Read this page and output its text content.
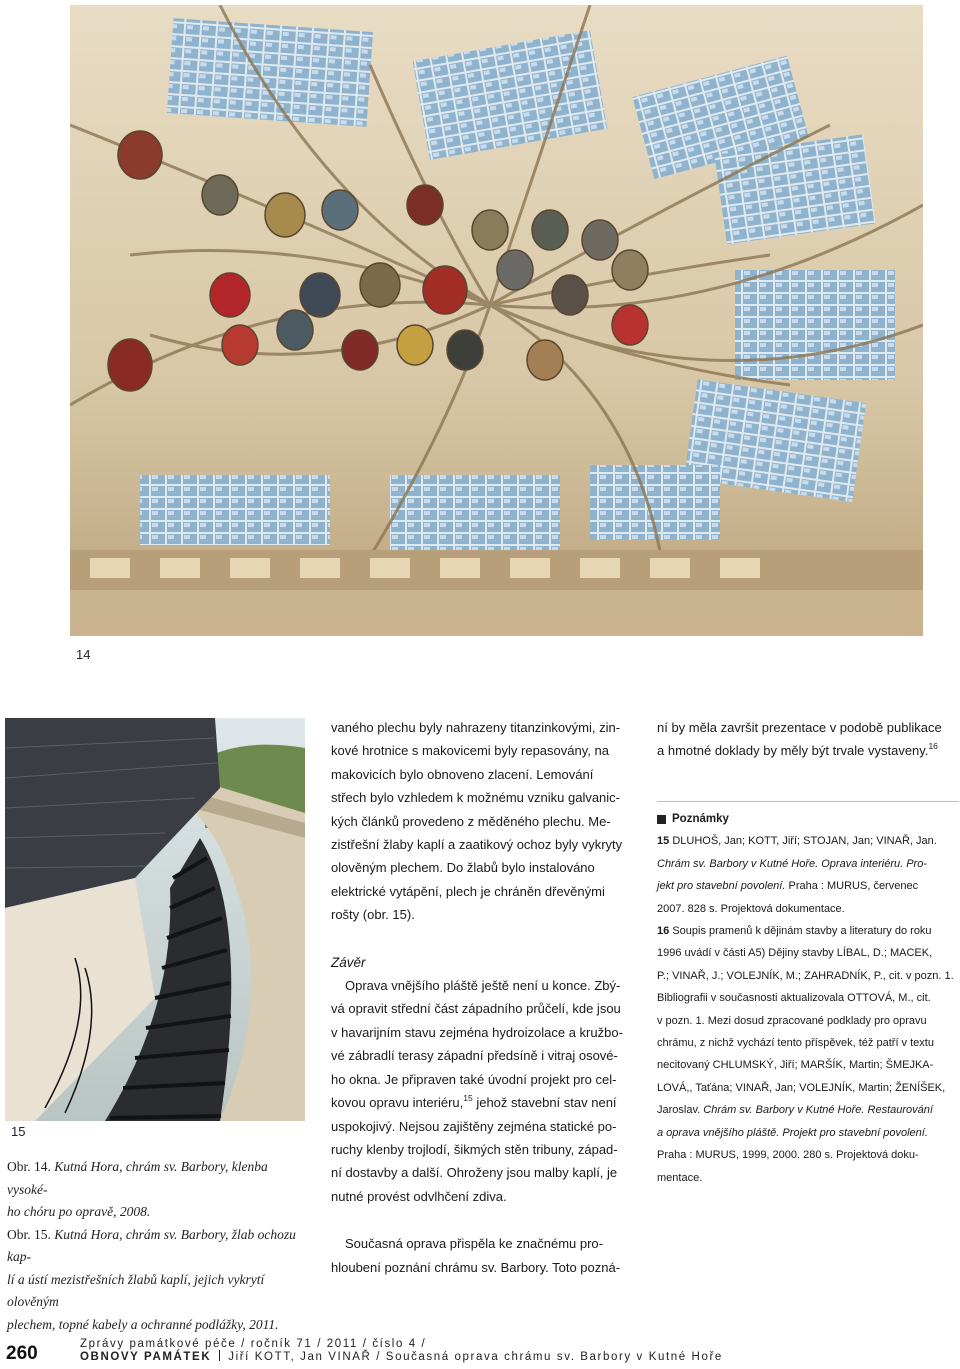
14
15
Obr. 14. Kutná Hora, chrám sv. Barbory, klenba vysoké-
ho chóru po opravě, 2008.
Obr. 15. Kutná Hora, chrám sv. Barbory, žlab ochozu kap-
lí a ústí mezistřešních žlabů kaplí, jejich vykrytí olověným
plechem, topné kabely a ochranné podlážky, 2011.
vaného plechu byly nahrazeny titanzinkovými, zin-
kové hrotnice s makovicemi byly repasovány, na
makovicích bylo obnoveno zlacení. Lemování
střech bylo vzhledem k možnému vzniku galvanic-
kých článků provedeno z měděného plechu. Me-
zistřešní žlaby kaplí a zaatikový ochoz byly vykryty
olověným plechem. Do žlabů bylo instalováno
elektrické vytápění, plech je chráněn dřevěnými
rošty (obr. 15).
Závěr
Oprava vnějšího pláště ještě není u konce. Zbý-
vá opravit střední část západního průčelí, kde jsou
v havarijním stavu zejména hydroizolace a kružbo-
vé zábradlí terasy západní předsíně i vitraj osové-
ho okna. Je připraven také úvodní projekt pro cel-
kovou opravu interiéru,$^{15}$ jehož stavební stav není
uspokojivý. Nejsou zajištěny zejména statické po-
ruchy klenby trojlodí, šikmých stěn tribuny, západ-
ní dostavby a další. Ohroženy jsou malby kaplí, je
nutné provést odvlhčení zdiva.
Současná oprava přispěla ke značnému pro-
hloubení poznání chrámu sv. Barbory. Toto pozná-
ní by měla završit prezentace v podobě publikace
a hmotné doklady by měly být trvale vystaveny.$^{16}$
Poznámky
15 DLUHOŠ, Jan; KOTT, Jiří; STOJAN, Jan; VINAŘ, Jan.
Chrám sv. Barbory v Kutné Hoře. Oprava interiéru. Pro-
jekt pro stavební povolení. Praha : MURUS, červenec
2007. 828 s. Projektová dokumentace.
16 Soupis pramenů k dějinám stavby a literatury do roku
1996 uvádí v části A5) Dějiny stavby LÍBAL, D.; MACEK,
P.; VINAŘ, J.; VOLEJNÍK, M.; ZAHRADNÍK, P., cit. v pozn. 1.
Bibliografii v současnosti aktualizovala OTTOVÁ, M., cit.
v pozn. 1. Mezi dosud zpracované podklady pro opravu
chrámu, z nichž vychází tento příspěvek, též patří v textu
necitovaný CHLUMSKÝ, Jiří; MARŠÍK, Martin; ŠMEJKA-
LOVÁ,, Taťána; VINAŘ, Jan; VOLEJNÍK, Martin; ŽENÍŠEK,
Jaroslav. Chrám sv. Barbory v Kutné Hoře. Restaurování
a oprava vnějšího pláště. Projekt pro stavební povolení.
Praha : MURUS, 1999, 2000. 280 s. Projektová doku-
mentace.
260	Zprávy památkové péče / ročník 71 / 2011 / číslo 4 /
OBNOVY PAMÁTEK Jiří KOTT, Jan VINAŘ / Současná oprava chrámu sv. Barbory v Kutné Hoře
